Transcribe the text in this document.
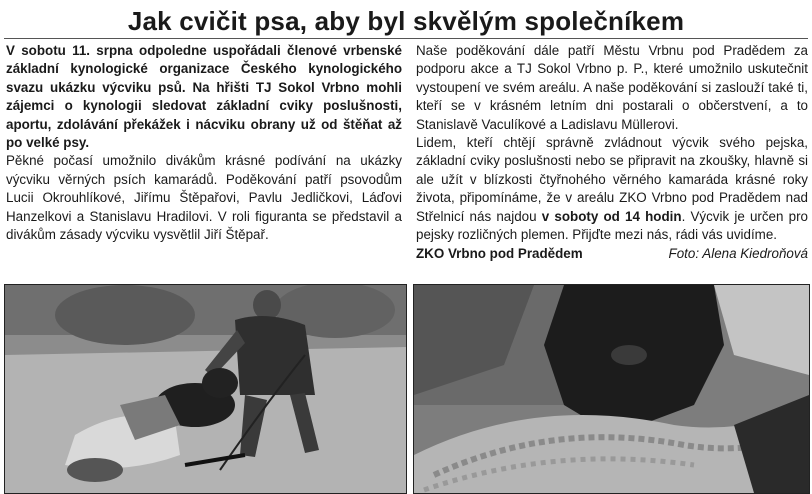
Jak cvičit psa, aby byl skvělým společníkem

V sobotu 11. srpna odpoledne uspořádali členové vrbenské základní kynologické organizace Českého kynologického svazu ukázku výcviku psů. Na hřišti TJ Sokol Vrbno mohli zájemci o kynologii sledovat základní cviky poslušnosti, aportu, zdolávání překážek i nácviku obrany už od štěňat až po velké psy.

Pěkné počasí umožnilo divákům krásné podívání na ukázky výcviku věrných psích kamarádů. Poděkování patří psovodům Lucii Okrouhlíkové, Jiřímu Štěpařovi, Pavlu Jedličkovi, Láďovi Hanzelkovi a Stanislavu Hradilovi. V roli figuranta se představil a divákům zásady výcviku vysvětlil Jiří Štěpař.

Naše poděkování dále patří Městu Vrbnu pod Pradědem za podporu akce a TJ Sokol Vrbno p. P., které umožnilo uskutečnit vystoupení ve svém areálu. A naše poděkování si zaslouží také ti, kteří se v krásném letním dni postarali o občerstvení, a to Stanislavě Vaculíkové a Ladislavu Müllerovi.

Lidem, kteří chtějí správně zvládnout výcvik svého pejska, základní cviky poslušnosti nebo se připravit na zkoušky, hlavně si ale užít v blízkosti čtyřnohého věrného kamaráda krásné roky života, připomínáme, že v areálu ZKO Vrbno pod Pradědem nad Střelnicí nás najdou v soboty od 14 hodin. Výcvik je určen pro pejsky rozličných plemen. Přijďte mezi nás, rádi vás uvidíme.

ZKO Vrbno pod Pradědem	Foto: Alena Kiedroňová
